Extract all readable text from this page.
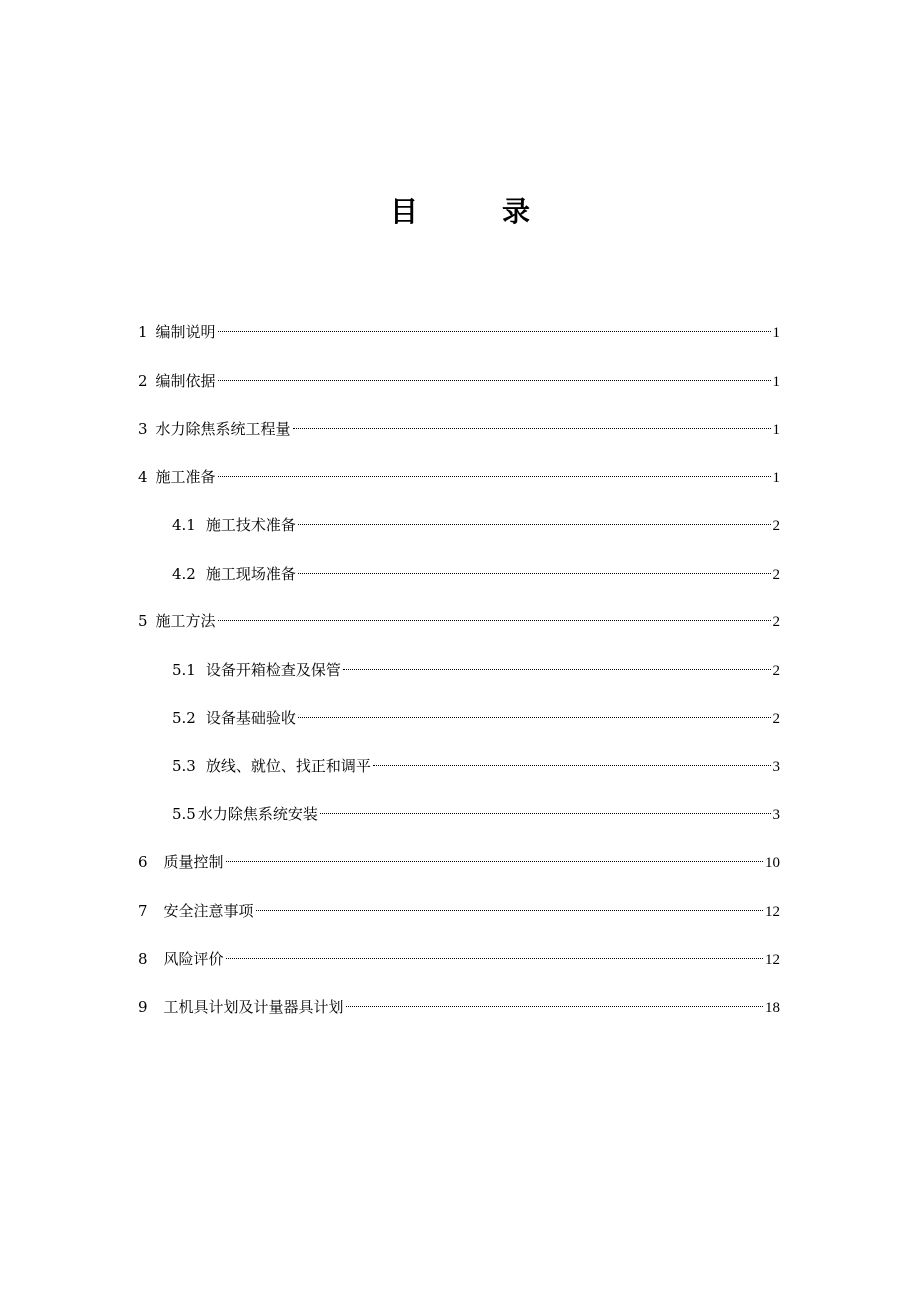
目	录
1 编制说明	1
2 编制依据	1
3 水力除焦系统工程量	1
4 施工准备	1
4.1 施工技术准备	2
4.2 施工现场准备	2
5 施工方法	2
5.1 设备开箱检查及保管	2
5.2 设备基础验收	2
5.3 放线、就位、找正和调平	3
5.5 水力除焦系统安装	3
6 质量控制	10
7 安全注意事项	12
8 风险评价	12
9 工机具计划及计量器具计划	18
